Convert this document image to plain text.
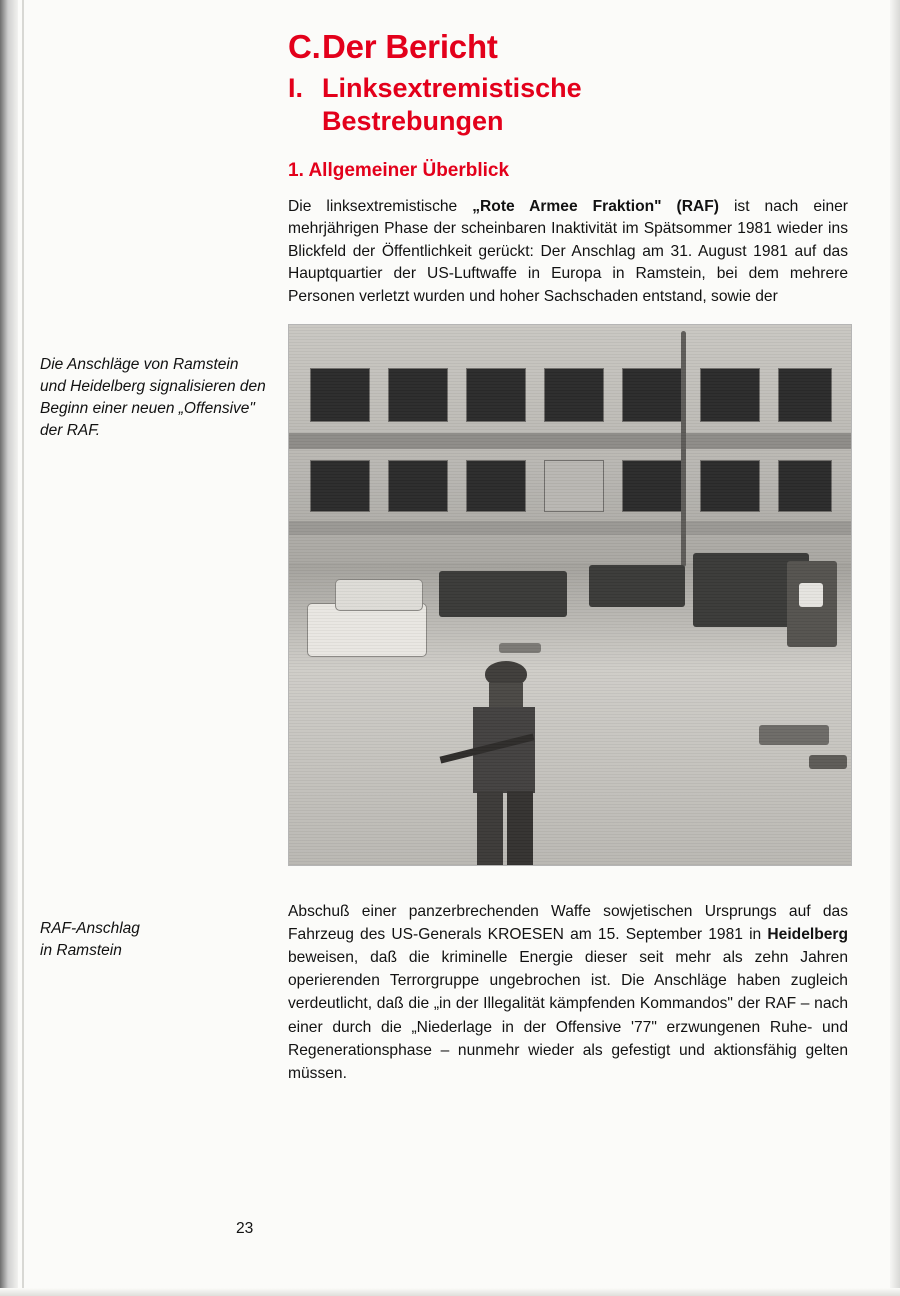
C.Der Bericht
I. Linksextremistische
Bestrebungen
1. Allgemeiner Überblick
Die Anschläge von Ramstein und Heidelberg signalisieren den Beginn einer neuen „Offensive" der RAF.

Die linksextremistische „Rote Armee Fraktion" (RAF) ist nach einer mehrjährigen Phase der scheinbaren Inaktivität im Spätsommer 1981 wieder ins Blickfeld der Öffentlichkeit gerückt: Der Anschlag am 31. August 1981 auf das Hauptquartier der US-Luftwaffe in Europa in Ramstein, bei dem mehrere Personen verletzt wurden und hoher Sachschaden entstand, sowie der

RAF-Anschlag
in Ramstein

Abschuß einer panzerbrechenden Waffe sowjetischen Ursprungs auf das Fahrzeug des US-Generals KROESEN am 15. September 1981 in Heidelberg beweisen, daß die kriminelle Energie dieser seit mehr als zehn Jahren operierenden Terrorgruppe ungebrochen ist. Die Anschläge haben zugleich verdeutlicht, daß die „in der Illegalität kämpfenden Kommandos" der RAF – nach einer durch die „Niederlage in der Offensive '77" erzwungenen Ruhe- und Regenerationsphase – nunmehr wieder als gefestigt und aktionsfähig gelten müssen.

23
